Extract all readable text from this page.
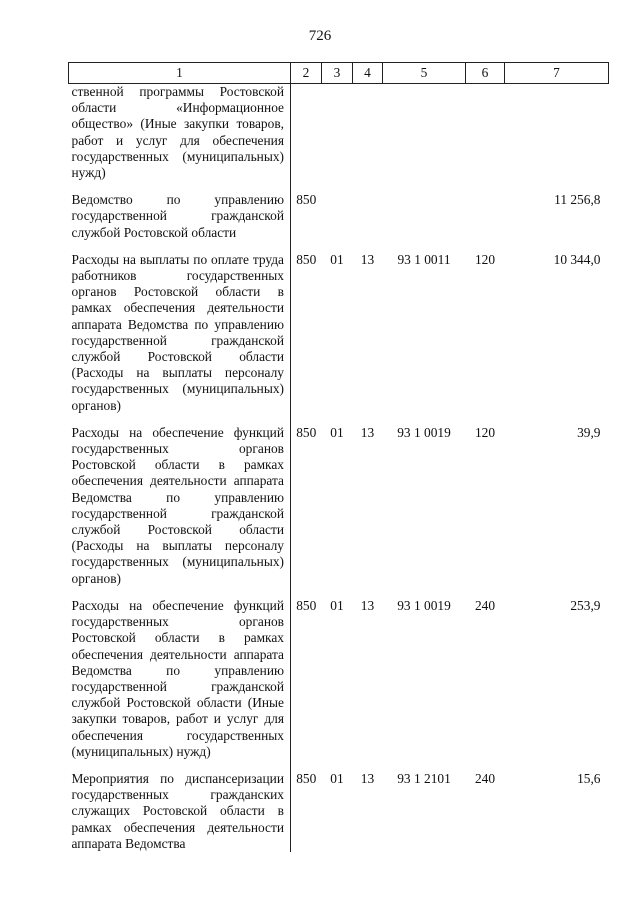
726
1	2	3	4	5	6	7
ственной программы Ростовской области «Информационное общество» (Иные закупки товаров, работ и услуг для обеспечения государственных (муниципальных) нужд)						

Ведомство по управлению государственной гражданской службой Ростовской области	850					11 256,8

Расходы на выплаты по оплате труда работников государственных органов Ростовской области в рамках обеспечения деятельности аппарата Ведомства по управлению государственной гражданской службой Ростовской области (Расходы на выплаты персоналу государственных (муниципальных) органов)	850	01	13	93 1 0011	120	10 344,0

Расходы на обеспечение функций государственных органов Ростовской области в рамках обеспечения деятельности аппарата Ведомства по управлению государственной гражданской службой Ростовской области (Расходы на выплаты персоналу государственных (муниципальных) органов)	850	01	13	93 1 0019	120	39,9

Расходы на обеспечение функций государственных органов Ростовской области в рамках обеспечения деятельности аппарата Ведомства по управлению государственной гражданской службой Ростовской области (Иные закупки товаров, работ и услуг для обеспечения государственных (муниципальных) нужд)	850	01	13	93 1 0019	240	253,9

Мероприятия по диспансеризации государственных гражданских служащих Ростовской области в рамках обеспечения деятельности аппарата Ведомства	850	01	13	93 1 2101	240	15,6
